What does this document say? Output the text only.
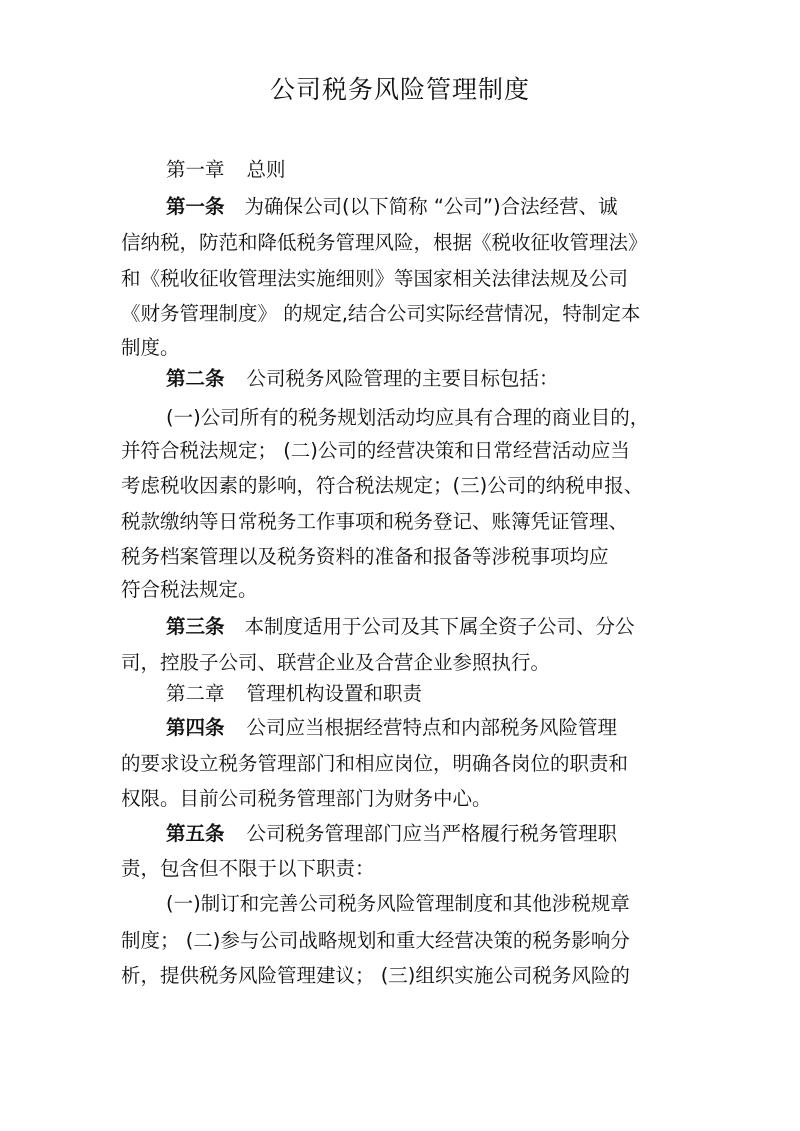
公司税务风险管理制度
第一章 总则
第一条 为确保公司(以下简称 “公司”)合法经营、诚
信纳税，防范和降低税务管理风险，根据《税收征收管理法》
和《税收征收管理法实施细则》等国家相关法律法规及公司
《财务管理制度》 的规定,结合公司实际经营情况，特制定本
制度。
第二条 公司税务风险管理的主要目标包括：
(一)公司所有的税务规划活动均应具有合理的商业目的，
并符合税法规定； (二)公司的经营决策和日常经营活动应当
考虑税收因素的影响，符合税法规定；(三)公司的纳税申报、
税款缴纳等日常税务工作事项和税务登记、账簿凭证管理、
税务档案管理以及税务资料的准备和报备等涉税事项均应
符合税法规定。
第三条 本制度适用于公司及其下属全资子公司、分公
司，控股子公司、联营企业及合营企业参照执行。
第二章 管理机构设置和职责
第四条 公司应当根据经营特点和内部税务风险管理
的要求设立税务管理部门和相应岗位，明确各岗位的职责和
权限。目前公司税务管理部门为财务中心。
第五条 公司税务管理部门应当严格履行税务管理职
责，包含但不限于以下职责：
(一)制订和完善公司税务风险管理制度和其他涉税规章
制度； (二)参与公司战略规划和重大经营决策的税务影响分
析，提供税务风险管理建议； (三)组织实施公司税务风险的
